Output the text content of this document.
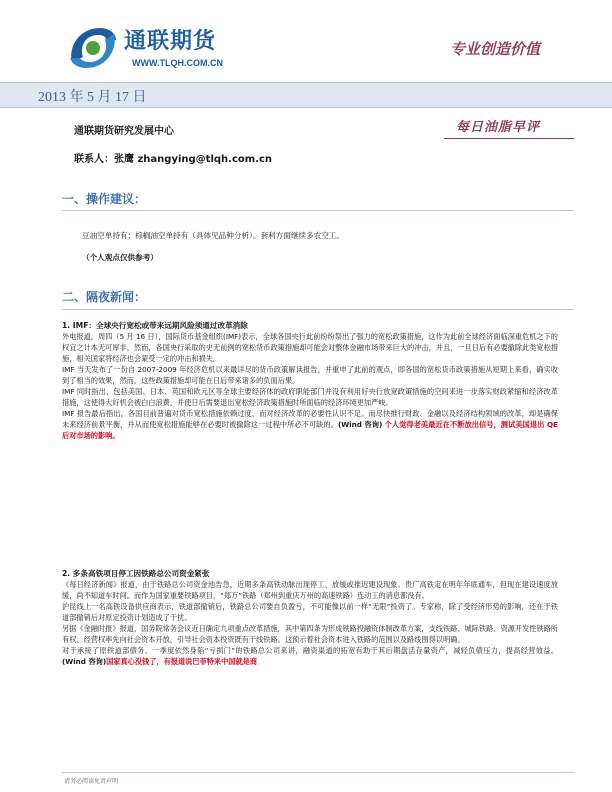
通联期货
WWW.TLQH.COM.CN
专业创造价值
2013 年 5 月 17 日
通联期货研究发展中心	每日油脂早评
联系人：张鹰 zhangying@tlqh.com.cn
一、操作建议：
豆油空单持有；棕榈油空单持有（具体见品种分析）。套利方面继续多农空工。
（个人观点仅供参考）
二、隔夜新闻：
1. IMF：全球央行宽松或带来远期风险须通过改革消除

外电报道，周四（5 月 16 日），国际货币基金组织(IMF)表示，全球各国央行此前纷纷祭出了强力的宽松政策措施，这作为此前全球经济面临深重危机之下的权宜之计本无可厚非，然而，各国央行采取的史无前例的宽松货币政策措施却可能会对整体金融市场带来巨大的冲击，并且，一旦日后有必要撤除此类宽松措施，相关国家将经济也会蒙受一定的冲击和损失。

IMF 当天发布了一份自 2007-2009 年经济危机以来最详尽的货币政策解读报告，并重申了此前的观点，即各国的宽松货币政策措施从短期上来看，确实收到了相当的效果，然而，这些政策措施却可能在日后带来诸多的负面后果。

IMF 同时指出，包括美国、日本、英国和欧元区等全球主要经济体的政府职能部门并没有利用好央行放宽政策措施的空间来进一步落实财政紧缩和经济改革措施，这使得大好机会被白白浪费，并使日后需要退出宽松经济政策措施时所面临的经济环境更加严峻。

IMF 报告最后指出，各国目前普遍对货币宽松措施依赖过度，而对经济改革的必要性认识不足。而尽快推行财政、金融以及经济结构领域的改革，却是确保未来经济前景平衡，并从而使宽松措施能够在必要时被撤除这一过程中所必不可缺的。(Wind 咨询) 个人觉得老美最近在不断放出信号，测试美国退出 QE 后对市场的影响。

2. 多条高铁项目停工因铁路总公司资金紧张

《每日经济新闻》报道，由于铁路总公司资金池告急，近期多条高铁动脉出现停工、放缓或推迟建设现象。贵广高铁定在明年年底通车，但现在建设速度放缓，尚不知道车时间。而作为国家重要铁路项目，“郑万”铁路（郑州到重庆万州的高速铁路）连动工的消息都没有。

沪昆线上一名高铁设备供应商表示，铁道部撤销后，铁路总公司要自负盈亏，不可能像以前一样“无限”投资了。专家称，除了受经济形势的影响，还在于铁道部撤销后对原定投资计划造成了干扰。

另据《金融时报》报道，国务院常务会议近日确定九项重点改革措施，其中第四条为形成铁路投融资体制改革方案，支线铁路、城际铁路、资源开发性铁路所有权、经营权率先向社会资本开放，引导社会资本投资既有干线铁路。这预示着社会资本进入铁路的范围以及路线图得以明确。

对于承接了原铁道部债务、一季度依然身陷“亏损门”的铁路总公司来讲，融资渠道的拓宽有助于其后期盘活存量资产，减轻负债压力，提高经营效益。(Wind 咨询)国家真心没钱了，有报道说巴菲特来中国就是商

请务必阅读免责声明
